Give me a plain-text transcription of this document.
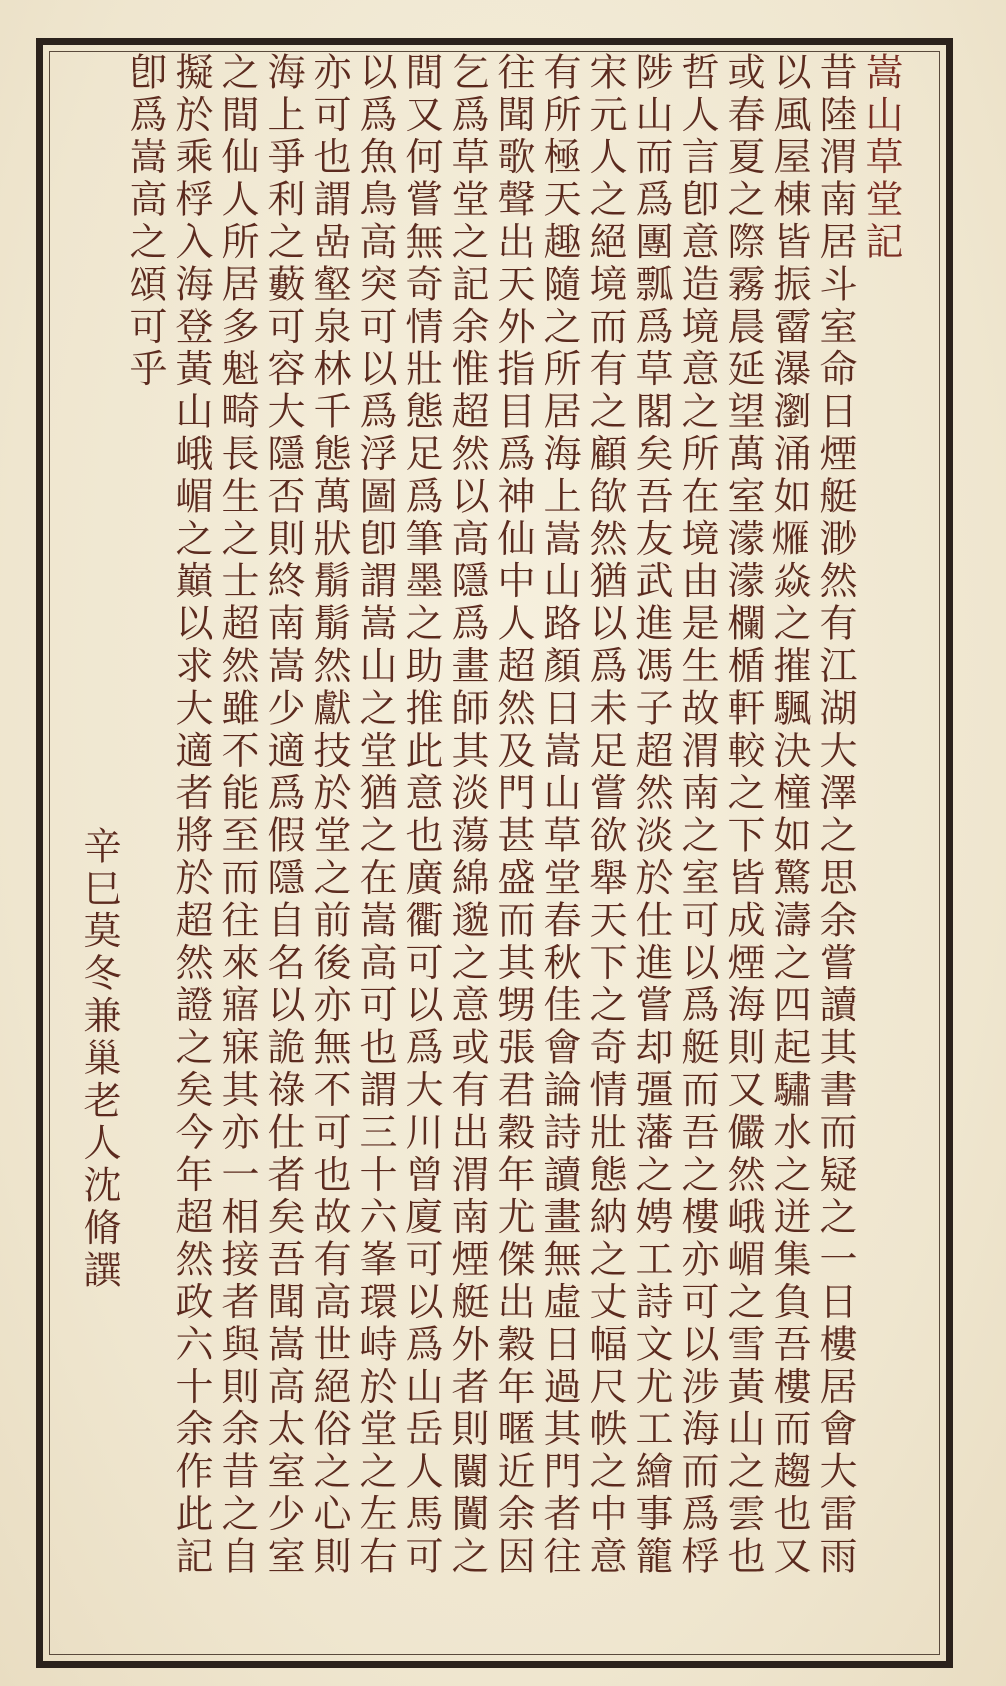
嵩山草堂記
昔陸渭南居斗室命日煙艇渺然有江湖大澤之思余嘗讀其書而疑之一日樓居會大雷雨
以風屋棟皆振霤瀑瀏涌如𤏚焱之摧颿決橦如驚濤之四起驌水之迸集負吾樓而趨也又
或春夏之際霧晨延望萬室濛濛欄楯軒較之下皆成煙海則又儼然峨嵋之雪黃山之雲也
哲人言卽意造境意之所在境由是生故渭南之室可以爲艇而吾之樓亦可以涉海而爲桴
陟山而爲團瓢爲草閣矣吾友武進馮子超然淡於仕進嘗却彊藩之娉工詩文尤工繪事籠
宋元人之絕境而有之顧欿然猶以爲未足嘗欲舉天下之奇情壯態納之丈幅尺帙之中意
有所極天趣隨之所居海上嵩山路顏日嵩山草堂春秋佳會論詩讀畫無虛日過其門者往
往聞歌聲出天外指目爲神仙中人超然及門甚盛而其甥張君穀年尤傑出穀年暱近余因
乞爲草堂之記余惟超然以高隱爲畫師其淡蕩綿邈之意或有出渭南煙艇外者則闤闠之
間又何嘗無奇情壯態足爲筆墨之助推此意也廣衢可以爲大川曾廈可以爲山岳人馬可
以爲魚鳥高突可以爲浮圖卽謂嵩山之堂猶之在嵩高可也謂三十六峯環峙於堂之左右
亦可也謂嵒壑泉林千態萬狀鬅鬅然獻技於堂之前後亦無不可也故有高世絕俗之心則
海上爭利之藪可容大隱否則終南嵩少適爲假隱自名以詭祿仕者矣吾聞嵩高太室少室
之間仙人所居多魁畸長生之士超然雖不能至而往來寤寐其亦一相接者與則余昔之自
擬於乘桴入海登黃山峨嵋之巔以求大適者將於超然證之矣今年超然政六十余作此記
卽爲嵩高之頌可乎
辛巳莫冬兼巢老人沈脩譔
